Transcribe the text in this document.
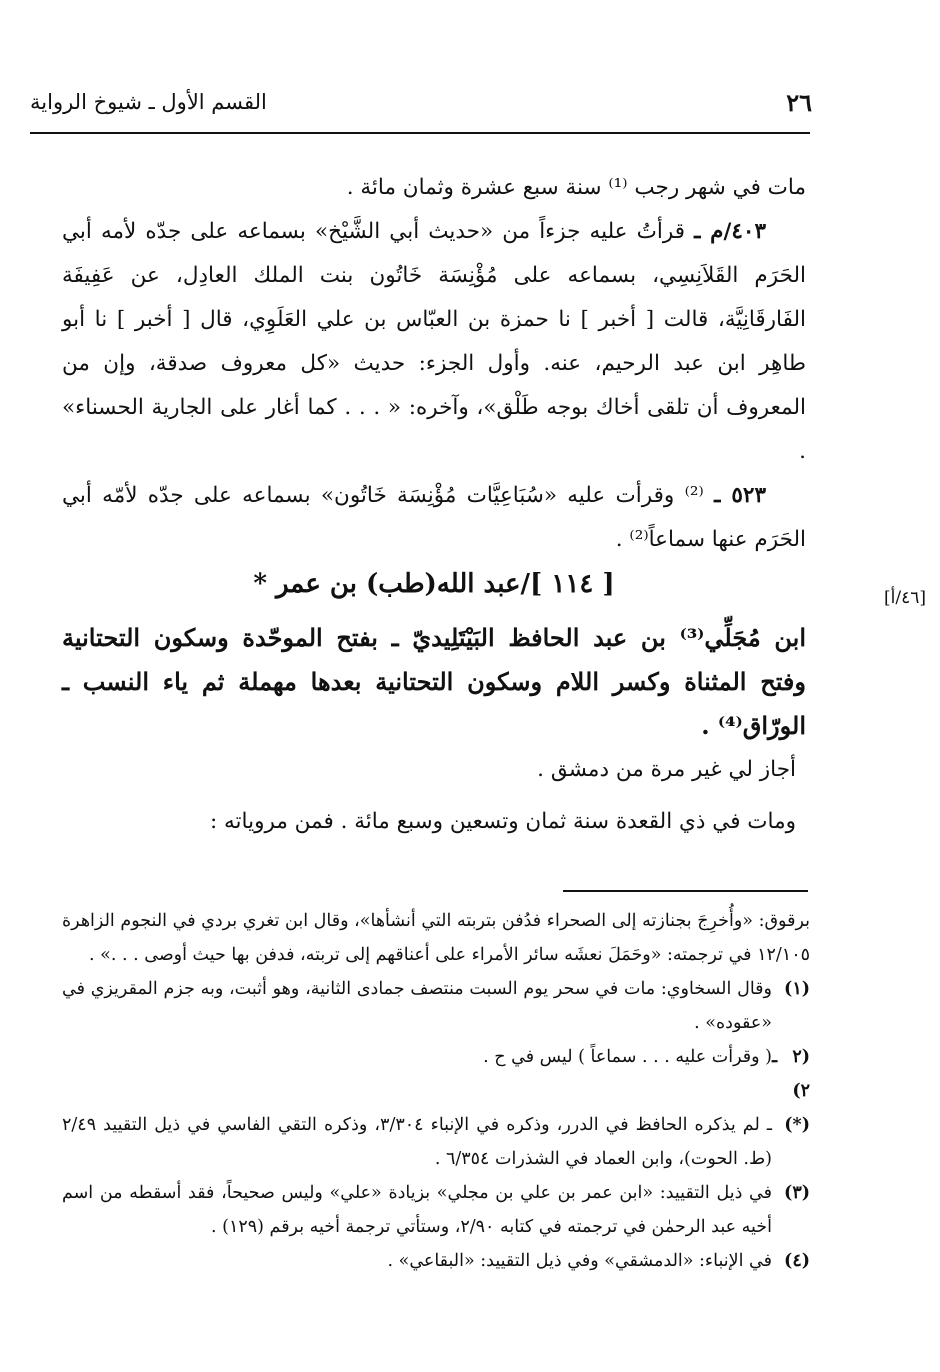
٢٦
القسم الأول ـ شيوخ الرواية
[٤٦/أ]

مات في شهر رجب ⁽¹⁾ سنة سبع عشرة وثمان مائة .

٤٠٣/م ـ قرأتُ عليه جزءاً من «حديث أبي الشَّيْخ» بسماعه على جدّه لأمه أبي الحَرَم القَلاَنِسِي، بسماعه على مُؤْنِسَة خَاتُون بنت الملك العادِل، عن عَفِيفَة الفَارقَانِيَّة، قالت [ أخبر ] نا حمزة بن العبّاس بن علي العَلَوِي، قال [ أخبر ] نا أبو طاهِر ابن عبد الرحيم، عنه. وأول الجزء: حديث «كل معروف صدقة، وإن من المعروف أن تلقى أخاك بوجه طَلْق»، وآخره: « . . . كما أغار على الجارية الحسناء» .

٥٢٣ ـ ⁽²⁾ وقرأت عليه «سُبَاعِيَّات مُؤْنِسَة خَاتُون» بسماعه على جدّه لأمّه أبي الحَرَم عنها سماعاً⁽²⁾ .

[ ١١٤ ]/عبد الله(طب) بن عمر *

ابن مُجَلِّي⁽³⁾ بن عبد الحافظ البَيْتَلِيديّ ـ بفتح الموحّدة وسكون التحتانية وفتح المثناة وكسر اللام وسكون التحتانية بعدها مهملة ثم ياء النسب ـ الورّاق⁽⁴⁾ .

أجاز لي غير مرة من دمشق .

ومات في ذي القعدة سنة ثمان وتسعين وسبع مائة . فمن مروياته :

برقوق: «وأُخرِجَ بجنازته إلى الصحراء فدُفن بتربته التي أنشأها»، وقال ابن تغري بردي في النجوم الزاهرة ١٢/١٠٥ في ترجمته: «وحَمَلَ نعشَه سائر الأمراء على أعناقهم إلى تربته، فدفن بها حيث أوصى . . .» .

(١)
وقال السخاوي: مات في سحر يوم السبت منتصف جمادى الثانية، وهو أثبت، وبه جزم المقريزي في «عقوده» .
(٢ ـ ٢)
( وقرأت عليه . . . سماعاً ) ليس في ح .
(*)
ـ لم يذكره الحافظ في الدرر، وذكره في الإنباء ٣/٣٠٤، وذكره التقي الفاسي في ذيل التقييد ٢/٤٩ (ط. الحوت)، وابن العماد في الشذرات ٦/٣٥٤ .
(٣)
في ذيل التقييد: «ابن عمر بن علي بن مجلي» بزيادة «علي» وليس صحيحاً، فقد أسقطه من اسم أخيه عبد الرحمٰن في ترجمته في كتابه ٢/٩٠، وستأتي ترجمة أخيه برقم (١٢٩) .
(٤)
في الإنباء: «الدمشقي» وفي ذيل التقييد: «البقاعي» .
